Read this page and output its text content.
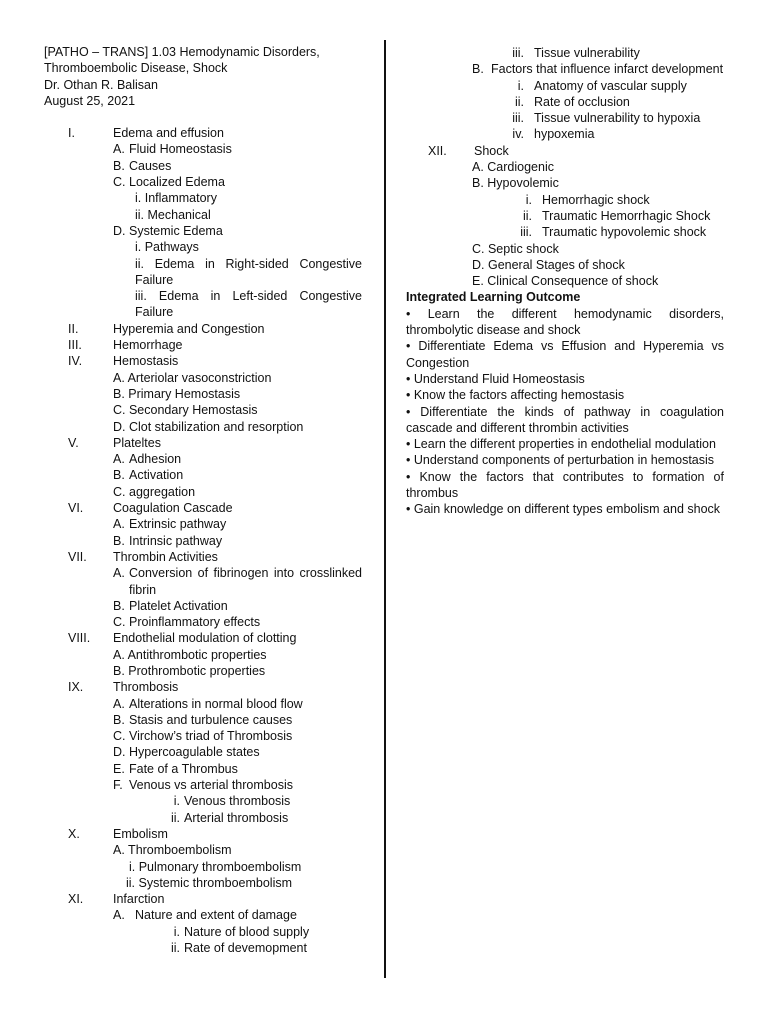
[PATHO – TRANS] 1.03 Hemodynamic Disorders, Thromboembolic Disease, Shock
Dr. Othan R. Balisan
August 25, 2021
I.	Edema and effusion
A. Fluid Homeostasis
B. Causes
C. Localized Edema
i. Inflammatory
ii. Mechanical
D. Systemic Edema
i. Pathways
ii. Edema in Right-sided Congestive Failure
iii. Edema in Left-sided Congestive Failure
II.	Hyperemia and Congestion
III.	Hemorrhage
IV.	Hemostasis
A. Arteriolar vasoconstriction
B. Primary Hemostasis
C. Secondary Hemostasis
D. Clot stabilization and resorption
V.	Plateltes
A. Adhesion
B. Activation
C. aggregation
VI.	Coagulation Cascade
A. Extrinsic pathway
B. Intrinsic pathway
VII.	Thrombin Activities
A. Conversion of fibrinogen into crosslinked fibrin
B. Platelet Activation
C. Proinflammatory effects
VIII. Endothelial modulation of clotting
A. Antithrombotic properties
B. Prothrombotic properties
IX.	Thrombosis
A. Alterations in normal blood flow
B. Stasis and turbulence causes
C. Virchow’s triad of Thrombosis
D. Hypercoagulable states
E. Fate of a Thrombus
F. Venous vs arterial thrombosis
i. Venous thrombosis
ii. Arterial thrombosis
X.	Embolism
A. Thromboembolism
i. Pulmonary thromboembolism
ii. Systemic thromboembolism
XI.	Infarction
A. Nature and extent of damage
i. Nature of blood supply
ii. Rate of devemopment
iii. Tissue vulnerability
B. Factors that influence infarct development
i. Anatomy of vascular supply
ii. Rate of occlusion
iii. Tissue vulnerability to hypoxia
iv. hypoxemia
XII.	Shock
A. Cardiogenic
B. Hypovolemic
i. Hemorrhagic shock
ii. Traumatic Hemorrhagic Shock
iii. Traumatic hypovolemic shock
C. Septic shock
D. General Stages of shock
E. Clinical Consequence of shock
Integrated Learning Outcome
• Learn the different hemodynamic disorders, thrombolytic disease and shock
• Differentiate Edema vs Effusion and Hyperemia vs Congestion
• Understand Fluid Homeostasis
• Know the factors affecting hemostasis
• Differentiate the kinds of pathway in coagulation cascade and different thrombin activities
• Learn the different properties in endothelial modulation
• Understand components of perturbation in hemostasis
• Know the factors that contributes to formation of thrombus
• Gain knowledge on different types embolism and shock
